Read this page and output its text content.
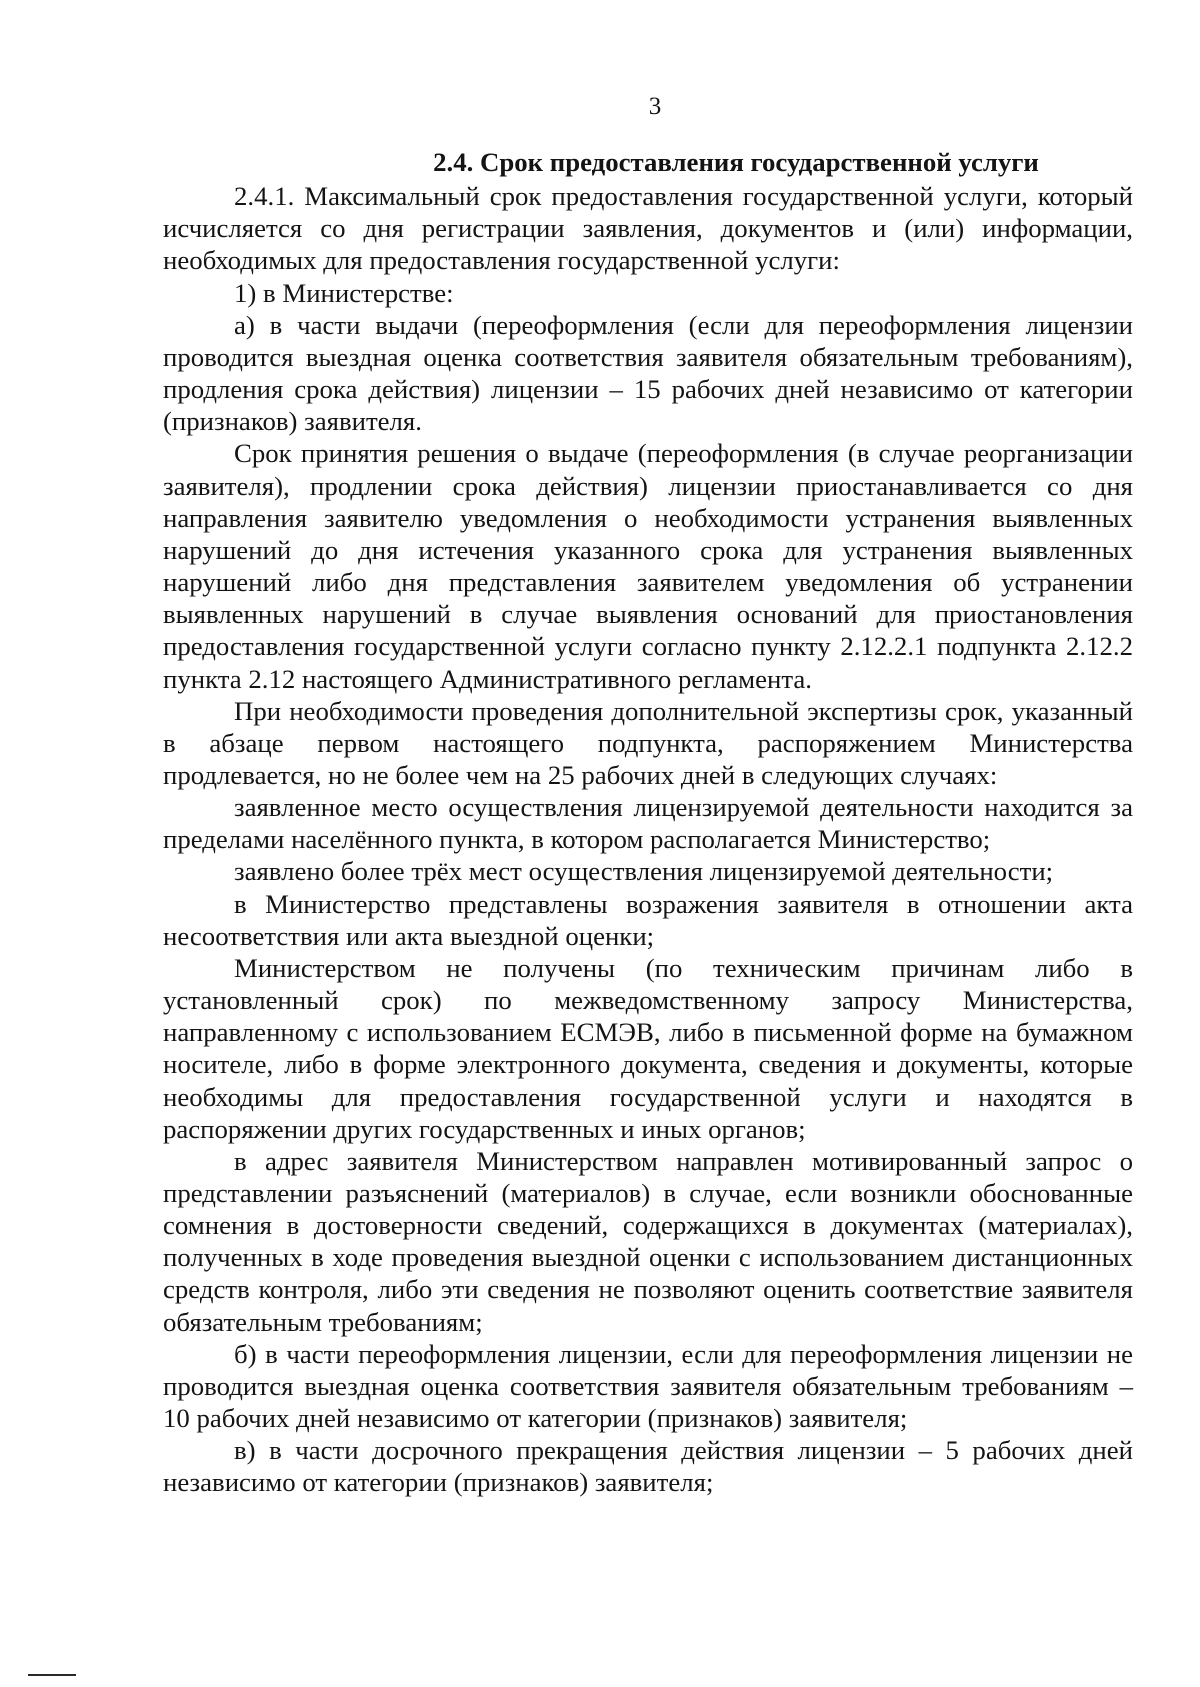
3
2.4. Срок предоставления государственной услуги

2.4.1. Максимальный срок предоставления государственной услуги, который исчисляется со дня регистрации заявления, документов и (или) информации, необходимых для предоставления государственной услуги:

1) в Министерстве:

а) в части выдачи (переоформления (если для переоформления лицензии проводится выездная оценка соответствия заявителя обязательным требованиям), продления срока действия) лицензии – 15 рабочих дней независимо от категории (признаков) заявителя.

Срок принятия решения о выдаче (переоформления (в случае реорганизации заявителя), продлении срока действия) лицензии приостанавливается со дня направления заявителю уведомления о необходимости устранения выявленных нарушений до дня истечения указанного срока для устранения выявленных нарушений либо дня представления заявителем уведомления об устранении выявленных нарушений в случае выявления оснований для приостановления предоставления государственной услуги согласно пункту 2.12.2.1 подпункта 2.12.2 пункта 2.12 настоящего Административного регламента.

При необходимости проведения дополнительной экспертизы срок, указанный в абзаце первом настоящего подпункта, распоряжением Министерства продлевается, но не более чем на 25 рабочих дней в следующих случаях:

заявленное место осуществления лицензируемой деятельности находится за пределами населённого пункта, в котором располагается Министерство;

заявлено более трёх мест осуществления лицензируемой деятельности;

в Министерство представлены возражения заявителя в отношении акта несоответствия или акта выездной оценки;

Министерством не получены (по техническим причинам либо в установленный срок) по межведомственному запросу Министерства, направленному с использованием ЕСМЭВ, либо в письменной форме на бумажном носителе, либо в форме электронного документа, сведения и документы, которые необходимы для предоставления государственной услуги и находятся в распоряжении других государственных и иных органов;

в адрес заявителя Министерством направлен мотивированный запрос о представлении разъяснений (материалов) в случае, если возникли обоснованные сомнения в достоверности сведений, содержащихся в документах (материалах), полученных в ходе проведения выездной оценки с использованием дистанционных средств контроля, либо эти сведения не позволяют оценить соответствие заявителя обязательным требованиям;

б) в части переоформления лицензии, если для переоформления лицензии не проводится выездная оценка соответствия заявителя обязательным требованиям – 10 рабочих дней независимо от категории (признаков) заявителя;

в) в части досрочного прекращения действия лицензии – 5 рабочих дней независимо от категории (признаков) заявителя;
